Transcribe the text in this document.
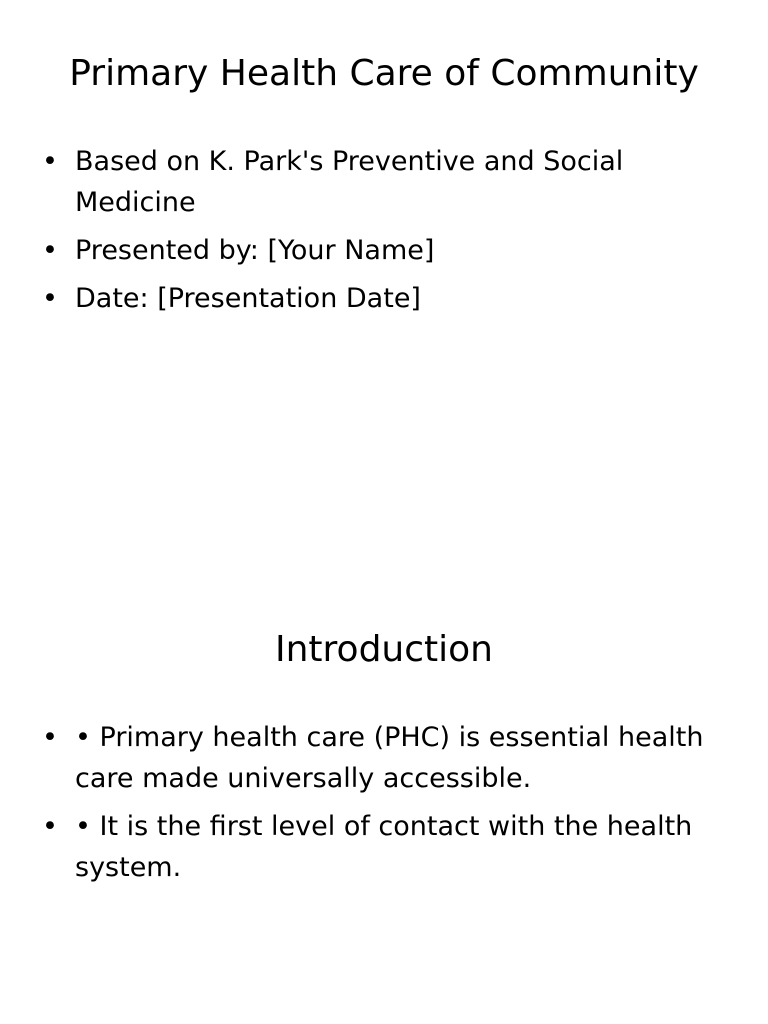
Primary Health Care of Community
• Based on K. Park's Preventive and Social Medicine
• Presented by: [Your Name]
• Date: [Presentation Date]
Introduction
• • Primary health care (PHC) is essential health care made universally accessible.
• • It is the first level of contact with the health system.
